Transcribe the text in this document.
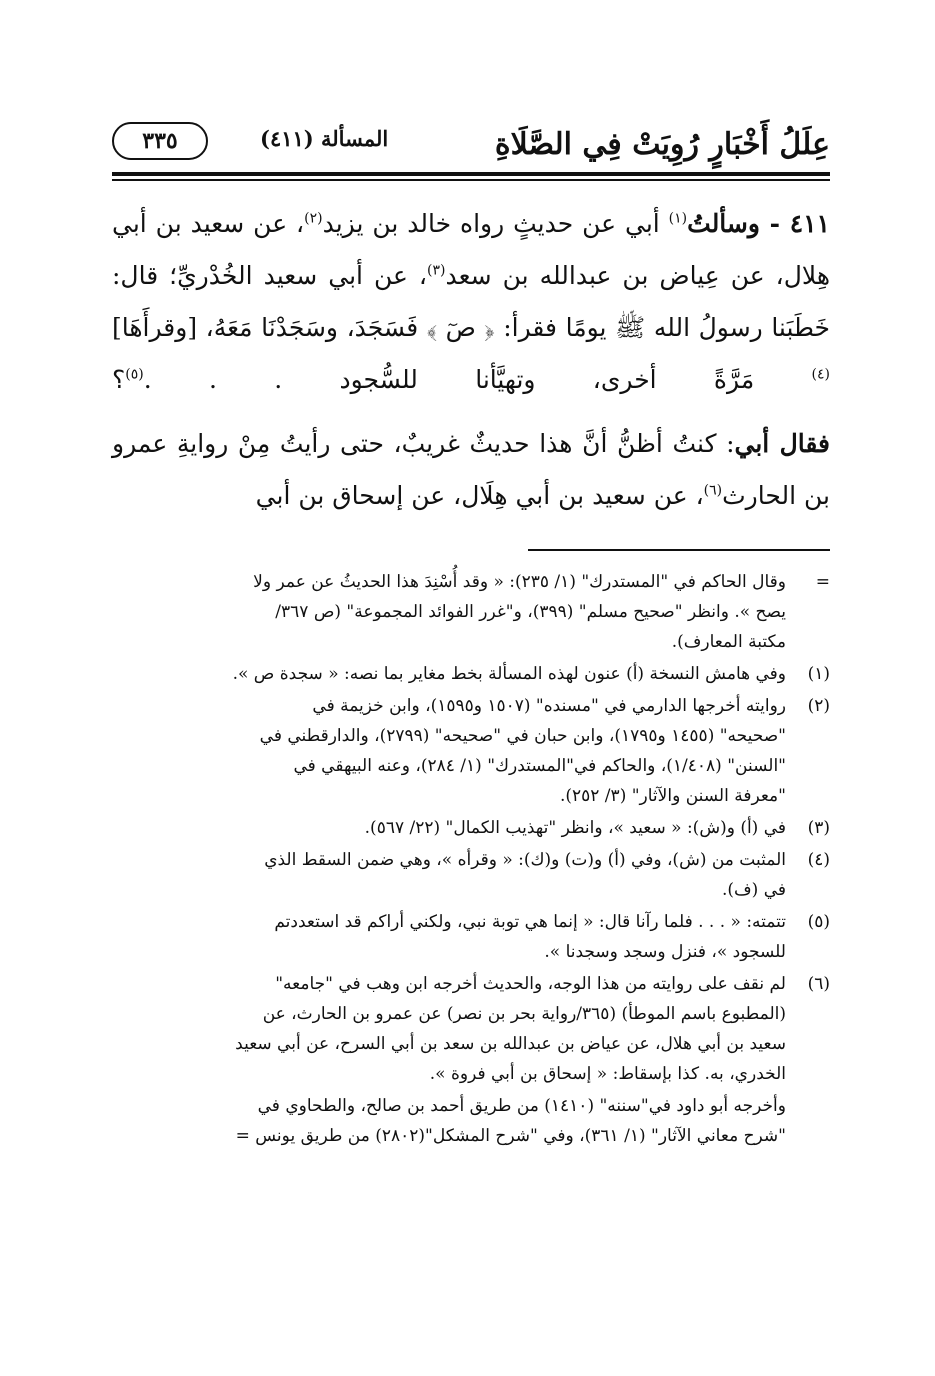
عِلَلُ أَخْبَارٍ رُوِيَتْ فِي الصَّلَاةِ
المسألة (٤١١)
٣٣٥

٤١١ - وسألتُ$^{(١)}$ أبي عن حديثٍ رواه خالد بن يزيد$^{(٢)}$، عن سعيد بن أبي هِلال، عن عِياض بن عبدالله بن سعد$^{(٣)}$، عن أبي سعيد الخُدْريِّ؛ قال: خَطَبَنا رسولُ الله ﷺ يومًا فقرأ: ﴿ صٓ ﴾ فَسَجَدَ، وسَجَدْنَا مَعَهُ، [وقرأَهَا]$^{(٤)}$ مَرَّةً أخرى، وتهيَّأنا للسُّجود . . .$^{(٥)}$؟

فقال أبي: كنتُ أظنُّ أنَّ هذا حديثٌ غريبٌ، حتى رأيتُ مِنْ روايةِ عمرو بن الحارث$^{(٦)}$، عن سعيد بن أبي هِلَال، عن إسحاق بن أبي

=
وقال الحاكم في "المستدرك" (١/ ٢٣٥): « وقد أُسْنِدَ هذا الحديثُ عن عمر ولا
يصح ». وانظر "صحيح مسلم" (٣٩٩)، و"غرر الفوائد المجموعة" (ص ٣٦٧/
مكتبة المعارف).
(١)
وفي هامش النسخة (أ) عنون لهذه المسألة بخط مغاير بما نصه: « سجدة ص ».
(٢)
روايته أخرجها الدارمي في "مسنده" (١٥٠٧ و١٥٩٥)، وابن خزيمة في
"صحيحه" (١٤٥٥ و١٧٩٥)، وابن حبان في "صحيحه" (٢٧٩٩)، والدارقطني في
"السنن" (١/٤٠٨)، والحاكم في"المستدرك" (١/ ٢٨٤)، وعنه البيهقي في
"معرفة السنن والآثار" (٣/ ٢٥٢).
(٣)
في (أ) و(ش): « سعيد »، وانظر "تهذيب الكمال" (٢٢/ ٥٦٧).
(٤)
المثبت من (ش)، وفي (أ) و(ت) و(ك): « وقرأه »، وهي ضمن السقط الذي
في (ف).
(٥)
تتمته: « . . . فلما رآنا قال: « إنما هي توبة نبي، ولكني أراكم قد استعددتم
للسجود »، فنزل وسجد وسجدنا ».
(٦)
لم نقف على روايته من هذا الوجه، والحديث أخرجه ابن وهب في "جامعه"
(المطبوع باسم الموطأ) (٣٦٥/رواية بحر بن نصر) عن عمرو بن الحارث، عن
سعيد بن أبي هلال، عن عياض بن عبدالله بن سعد بن أبي السرح، عن أبي سعيد
الخدري، به. كذا بإسقاط: « إسحاق بن أبي فروة ».
وأخرجه أبو داود في"سننه" (١٤١٠) من طريق أحمد بن صالح، والطحاوي في
"شرح معاني الآثار" (١/ ٣٦١)، وفي "شرح المشكل"(٢٨٠٢) من طريق يونس =
